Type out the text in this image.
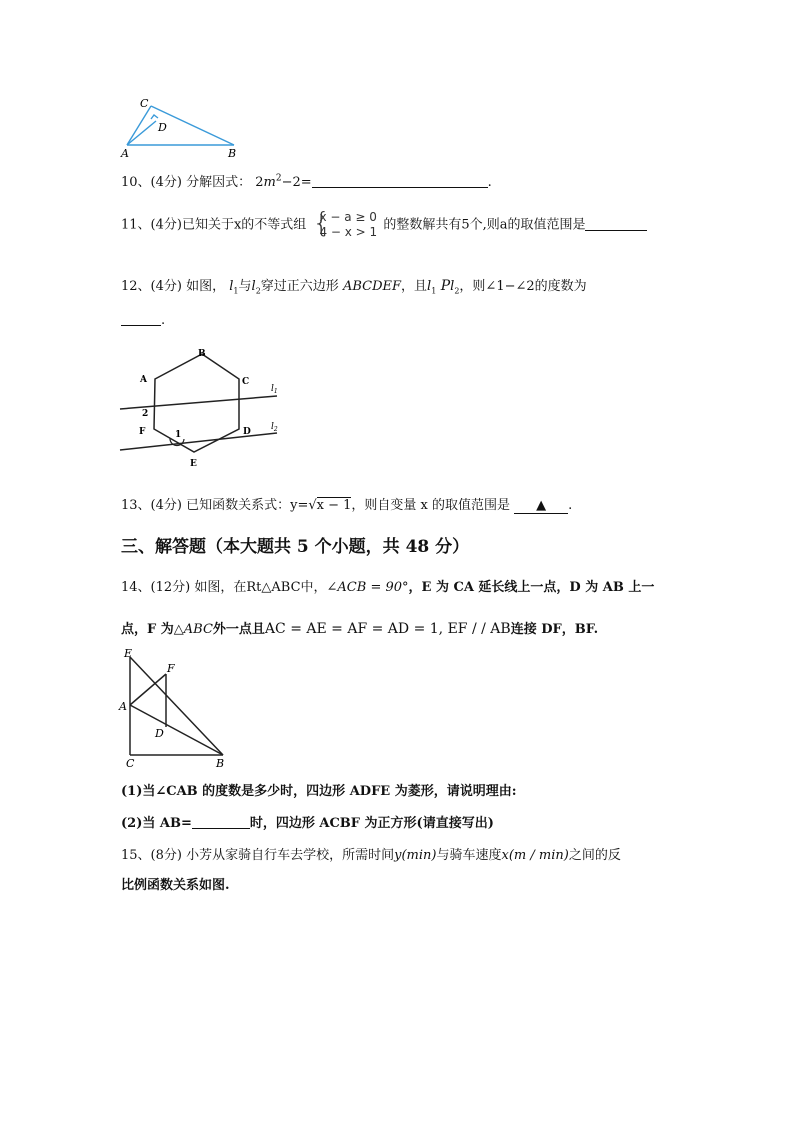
C
D
A	B
10、(4分) 分解因式： $2m^2-2=$	.
11、(4分)已知关于x的不等式组 {
x − a ≥ 0
4 − x > 1 的整数解共有5个,则a的取值范围是
12、(4分) 如图， $l_1$与$l_2$穿过正六边形 ABCDEF，且$l_1$ $Pl_2$，则∠1−∠2的度数为
.
B
A	C
F	D
E
2
1
$l_1$
$l_2$
13、(4分) 已知函数关系式：y=√x − 1，则自变量 x 的取值范围是 ▲ .
三、解答题（本大题共 5 个小题，共 48 分）
14、(12分) 如图，在Rt△ABC中，∠ACB = 90°，E 为 CA 延长线上一点，D 为 AB 上一
点，F 为△ABC外一点且AC = AE = AF = AD = 1, EF / / AB连接 DF，BF.
E
F
A
D
C	B
(1)当∠CAB 的度数是多少时，四边形 ADFE 为菱形，请说明理由:
(2)当 AB=	时，四边形 ACBF 为正方形(请直接写出)
15、(8分) 小芳从家骑自行车去学校，所需时间y(min)与骑车速度x(m / min)之间的反
比例函数关系如图.
